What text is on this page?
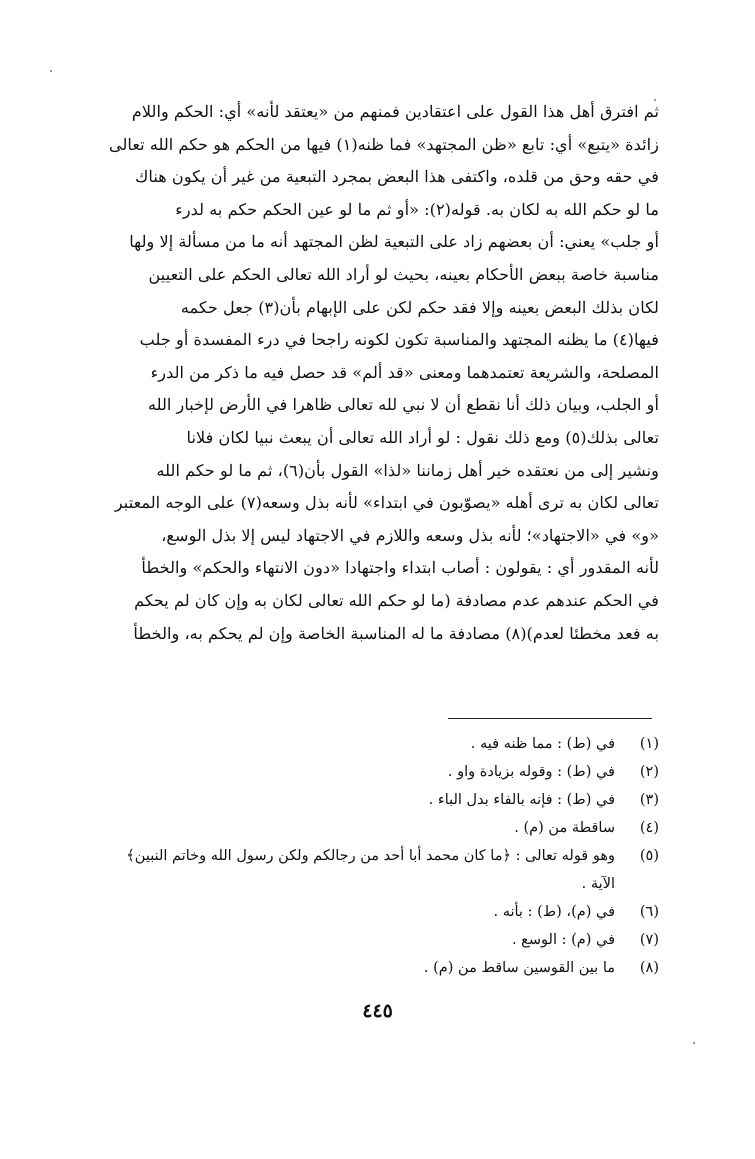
ثم افترق أهل هذا القول على اعتقادين فمنهم من «يعتقد لأنه» أي: الحكم واللام
زائدة «يتبع» أي: تابع «ظن المجتهد» فما ظنه(١) فيها من الحكم هو حكم الله تعالى
في حقه وحق من قلده، واكتفى هذا البعض بمجرد التبعية من غير أن يكون هناك
ما لو حكم الله به لكان به. قوله(٢): «أو ثم ما لو عين الحكم حكم به لدرء
أو جلب» يعني: أن بعضهم زاد على التبعية لظن المجتهد أنه ما من مسألة إلا ولها
مناسبة خاصة ببعض الأحكام بعينه، بحيث لو أراد الله تعالى الحكم على التعيين
لكان بذلك البعض بعينه وإلا فقد حكم لكن على الإبهام بأن(٣) جعل حكمه
فيها(٤) ما يظنه المجتهد والمناسبة تكون لكونه راجحا في درء المفسدة أو جلب
المصلحة، والشريعة تعتمدهما ومعنى «قد ألم» قد حصل فيه ما ذكر من الدرء
أو الجلب، وبيان ذلك أنا نقطع أن لا نبي لله تعالى ظاهرا في الأرض لإخبار الله
تعالى بذلك(٥) ومع ذلك نقول : لو أراد الله تعالى أن يبعث نبيا لكان فلانا
ونشير إلى من نعتقده خير أهل زماننا «لذا» القول بأن(٦)، ثم ما لو حكم الله
تعالى لكان به ترى أهله «يصوّبون في ابتداء» لأنه بذل وسعه(٧) على الوجه المعتبر
«و» في «الاجتهاد»؛ لأنه بذل وسعه واللازم في الاجتهاد ليس إلا بذل الوسع،
لأنه المقدور أي : يقولون : أصاب ابتداء واجتهادا «دون الانتهاء والحكم» والخطأ
في الحكم عندهم عدم مصادفة (ما لو حكم الله تعالى لكان به وإن كان لم يحكم
به فعد مخطئا لعدم)(٨) مصادفة ما له المناسبة الخاصة وإن لم يحكم به، والخطأ
(١)
في (ط) : مما ظنه فيه .
(٢)
في (ط) : وقوله بزيادة واو .
(٣)
في (ط) : فإنه بالفاء بدل الباء .
(٤)
ساقطة من (م) .
(٥)
وهو قوله تعالى : ﴿ما كان محمد أبا أحد من رجالكم ولكن رسول الله وخاتم النبين﴾ الآية .
(٦)
في (م)، (ط) : بأنه .
(٧)
في (م) : الوسع .
(٨)
ما بين القوسين ساقط من (م) .
٤٤٥
